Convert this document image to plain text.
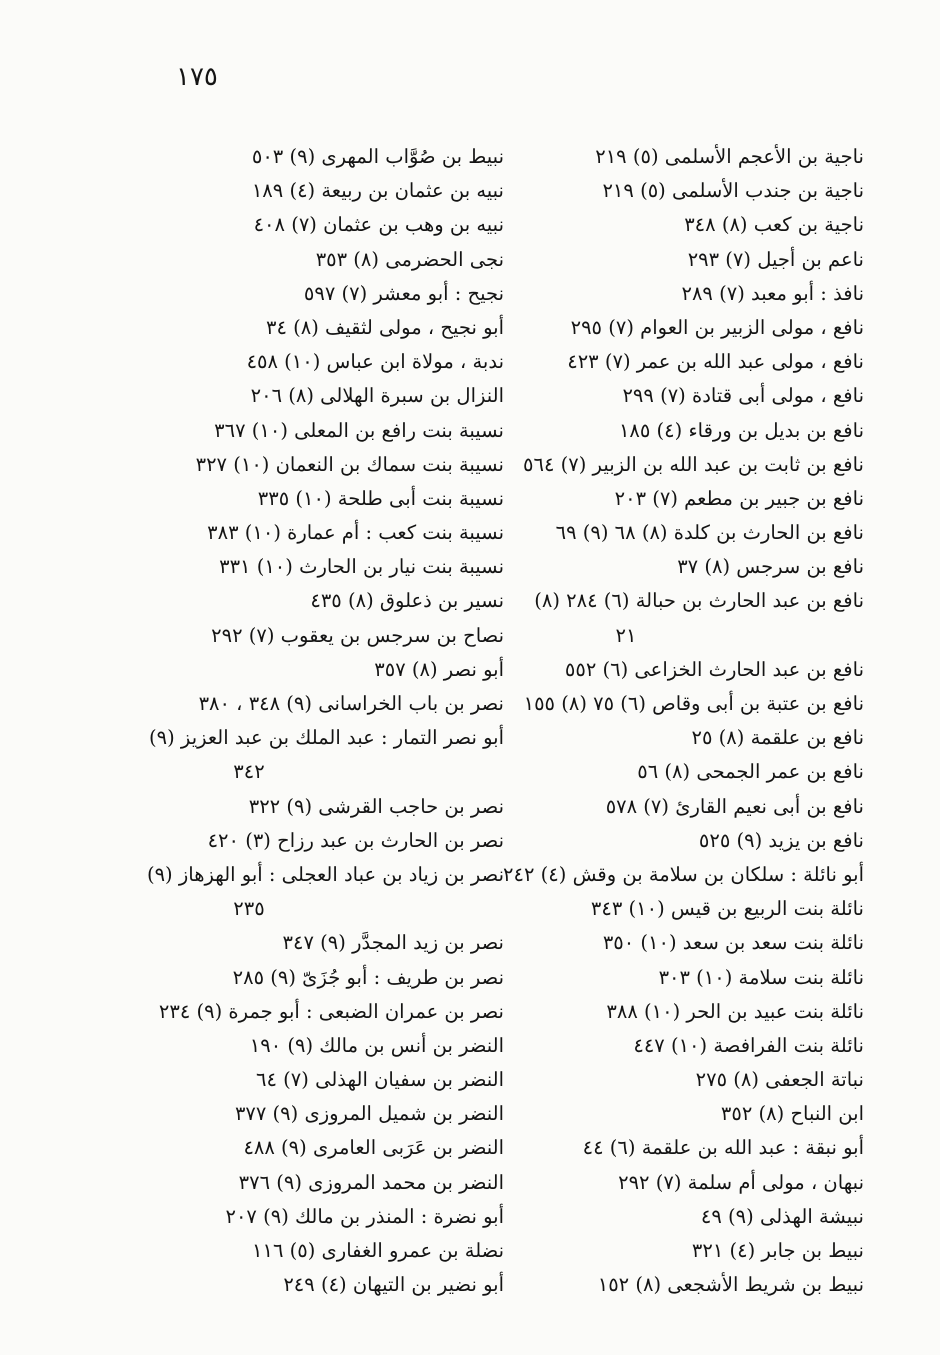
١٧٥
ناجية بن الأعجم الأسلمى (٥) ٢١٩
ناجية بن جندب الأسلمى (٥) ٢١٩
ناجية بن كعب (٨) ٣٤٨
ناعم بن أجيل (٧) ٢٩٣
نافذ : أبو معبد (٧) ٢٨٩
نافع ، مولى الزبير بن العوام (٧) ٢٩٥
نافع ، مولى عبد الله بن عمر (٧) ٤٢٣
نافع ، مولى أبى قتادة (٧) ٢٩٩
نافع بن بديل بن ورقاء (٤) ١٨٥
نافع بن ثابت بن عبد الله بن الزبير (٧) ٥٦٤
نافع بن جبير بن مطعم (٧) ٢٠٣
نافع بن الحارث بن كلدة (٨) ٦٨ (٩) ٦٩
نافع بن سرجس (٨) ٣٧
نافع بن عبد الحارث بن حبالة (٦) ٢٨٤ (٨)
٢١
نافع بن عبد الحارث الخزاعى (٦) ٥٥٢
نافع بن عتبة بن أبى وقاص (٦) ٧٥ (٨) ١٥٥
نافع بن علقمة (٨) ٢٥
نافع بن عمر الجمحى (٨) ٥٦
نافع بن أبى نعيم القارئ (٧) ٥٧٨
نافع بن يزيد (٩) ٥٢٥
أبو نائلة : سلكان بن سلامة بن وقش (٤) ٢٤٢
نائلة بنت الربيع بن قيس (١٠) ٣٤٣
نائلة بنت سعد بن سعد (١٠) ٣٥٠
نائلة بنت سلامة (١٠) ٣٠٣
نائلة بنت عبيد بن الحر (١٠) ٣٨٨
نائلة بنت الفرافصة (١٠) ٤٤٧
نباتة الجعفى (٨) ٢٧٥
ابن النباح (٨) ٣٥٢
أبو نبقة : عبد الله بن علقمة (٦) ٤٤
نبهان ، مولى أم سلمة (٧) ٢٩٢
نبيشة الهذلى (٩) ٤٩
نبيط بن جابر (٤) ٣٢١
نبيط بن شريط الأشجعى (٨) ١٥٢
نبيط بن صُوَّاب المهرى (٩) ٥٠٣
نبيه بن عثمان بن ربيعة (٤) ١٨٩
نبيه بن وهب بن عثمان (٧) ٤٠٨
نجى الحضرمى (٨) ٣٥٣
نجيح : أبو معشر (٧) ٥٩٧
أبو نجيح ، مولى لثقيف (٨) ٣٤
ندبة ، مولاة ابن عباس (١٠) ٤٥٨
النزال بن سبرة الهلالى (٨) ٢٠٦
نسيبة بنت رافع بن المعلى (١٠) ٣٦٧
نسيبة بنت سماك بن النعمان (١٠) ٣٢٧
نسيبة بنت أبى طلحة (١٠) ٣٣٥
نسيبة بنت كعب : أم عمارة (١٠) ٣٨٣
نسيبة بنت نيار بن الحارث (١٠) ٣٣١
نسير بن ذعلوق (٨) ٤٣٥
نصاح بن سرجس بن يعقوب (٧) ٢٩٢
أبو نصر (٨) ٣٥٧
نصر بن باب الخراسانى (٩) ٣٤٨ ، ٣٨٠
أبو نصر التمار : عبد الملك بن عبد العزيز (٩)
٣٤٢
نصر بن حاجب القرشى (٩) ٣٢٢
نصر بن الحارث بن عبد رزاح (٣) ٤٢٠
نصر بن زياد بن عباد العجلى : أبو الهزهاز (٩)
٢٣٥
نصر بن زيد المجدَّر (٩) ٣٤٧
نصر بن طريف : أبو جُزَىّ (٩) ٢٨٥
نصر بن عمران الضبعى : أبو جمرة (٩) ٢٣٤
النضر بن أنس بن مالك (٩) ١٩٠
النضر بن سفيان الهذلى (٧) ٦٤
النضر بن شميل المروزى (٩) ٣٧٧
النضر بن عَرَبى العامرى (٩) ٤٨٨
النضر بن محمد المروزى (٩) ٣٧٦
أبو نضرة : المنذر بن مالك (٩) ٢٠٧
نضلة بن عمرو الغفارى (٥) ١١٦
أبو نضير بن التيهان (٤) ٢٤٩
